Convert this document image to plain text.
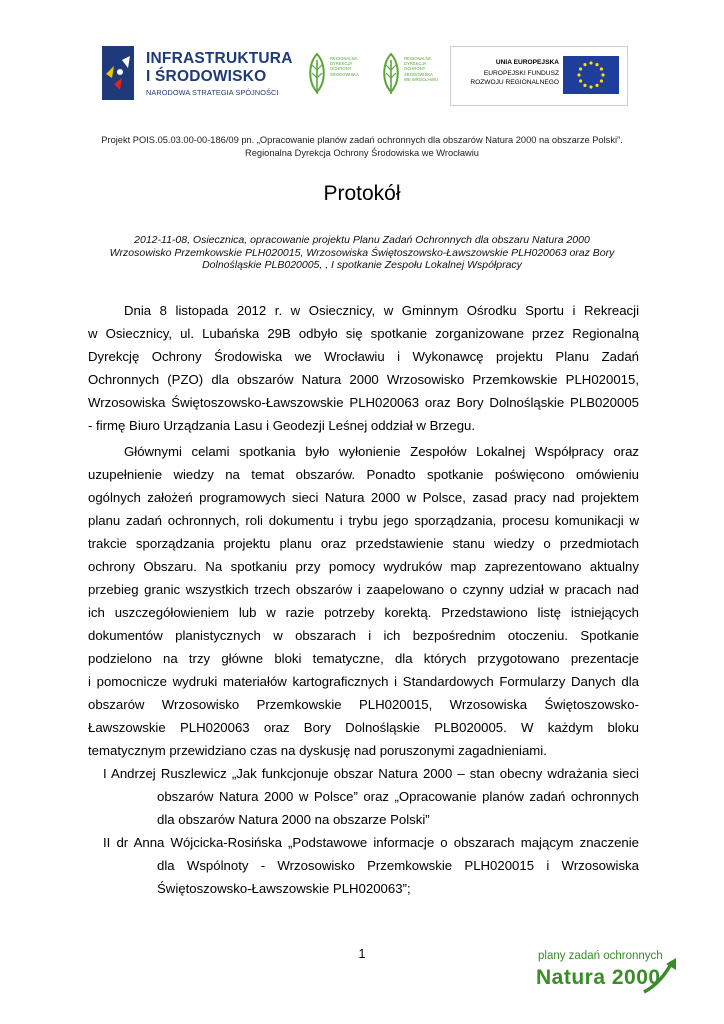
INFRASTRUKTURA
I ŚRODOWISKO
NARODOWA STRATEGIA SPÓJNOŚCI
REGIONALNA
DYREKCJA
OCHRONY
ŚRODOWISKA
REGIONALNA
DYREKCJA
OCHRONY
ŚRODOWISKA
WE WROCŁAWIU
UNIA EUROPEJSKA
EUROPEJSKI FUNDUSZ
ROZWOJU REGIONALNEGO
Projekt POIS.05.03.00-00-186/09 pn. „Opracowanie planów zadań ochronnych dla obszarów Natura 2000 na obszarze Polski”.
Regionalna Dyrekcja Ochrony Środowiska we Wrocławiu
Protokół
2012-11-08, Osiecznica, opracowanie projektu Planu Zadań Ochronnych dla obszaru Natura 2000
Wrzosowisko Przemkowskie PLH020015, Wrzosowiska Świętoszowsko-Ławszowskie PLH020063 oraz Bory
Dolnośląskie PLB020005, , I spotkanie Zespołu Lokalnej Współpracy
Dnia 8 listopada 2012 r. w Osiecznicy, w Gminnym Ośrodku Sportu i Rekreacji
w Osiecznicy, ul. Lubańska 29B odbyło się spotkanie zorganizowane przez Regionalną
Dyrekcję Ochrony Środowiska we Wrocławiu i Wykonawcę projektu Planu Zadań
Ochronnych (PZO) dla obszarów Natura 2000 Wrzosowisko Przemkowskie PLH020015,
Wrzosowiska Świętoszowsko-Ławszowskie PLH020063 oraz Bory Dolnośląskie PLB020005
- firmę Biuro Urządzania Lasu i Geodezji Leśnej oddział w Brzegu.
Głównymi celami spotkania było wyłonienie Zespołów Lokalnej Współpracy oraz
uzupełnienie wiedzy na temat obszarów. Ponadto spotkanie poświęcono omówieniu
ogólnych założeń programowych sieci Natura 2000 w Polsce, zasad pracy nad projektem
planu zadań ochronnych, roli dokumentu i trybu jego sporządzania, procesu komunikacji w
trakcie sporządzania projektu planu oraz przedstawienie stanu wiedzy o przedmiotach
ochrony Obszaru. Na spotkaniu przy pomocy wydruków map zaprezentowano aktualny
przebieg granic wszystkich trzech obszarów i zaapelowano o czynny udział w pracach nad
ich uszczegółowieniem lub w razie potrzeby korektą. Przedstawiono listę istniejących
dokumentów planistycznych w obszarach i ich bezpośrednim otoczeniu. Spotkanie
podzielono na trzy główne bloki tematyczne, dla których przygotowano prezentacje
i pomocnicze wydruki materiałów kartograficznych i Standardowych Formularzy Danych dla
obszarów Wrzosowisko Przemkowskie PLH020015, Wrzosowiska Świętoszowsko-
Ławszowskie PLH020063 oraz Bory Dolnośląskie PLB020005. W każdym bloku
tematycznym przewidziano czas na dyskusję nad poruszonymi zagadnieniami.
I Andrzej Ruszlewicz „Jak funkcjonuje obszar Natura 2000 – stan obecny wdrażania sieci
obszarów Natura 2000 w Polsce” oraz „Opracowanie planów zadań ochronnych
dla obszarów Natura 2000 na obszarze Polski”
II dr Anna Wójcicka-Rosińska „Podstawowe informacje o obszarach mającym znaczenie
dla Wspólnoty - Wrzosowisko Przemkowskie PLH020015 i Wrzosowiska
Świętoszowsko-Ławszowskie PLH020063”;
1	plany zadań ochronnych
Natura 2000
